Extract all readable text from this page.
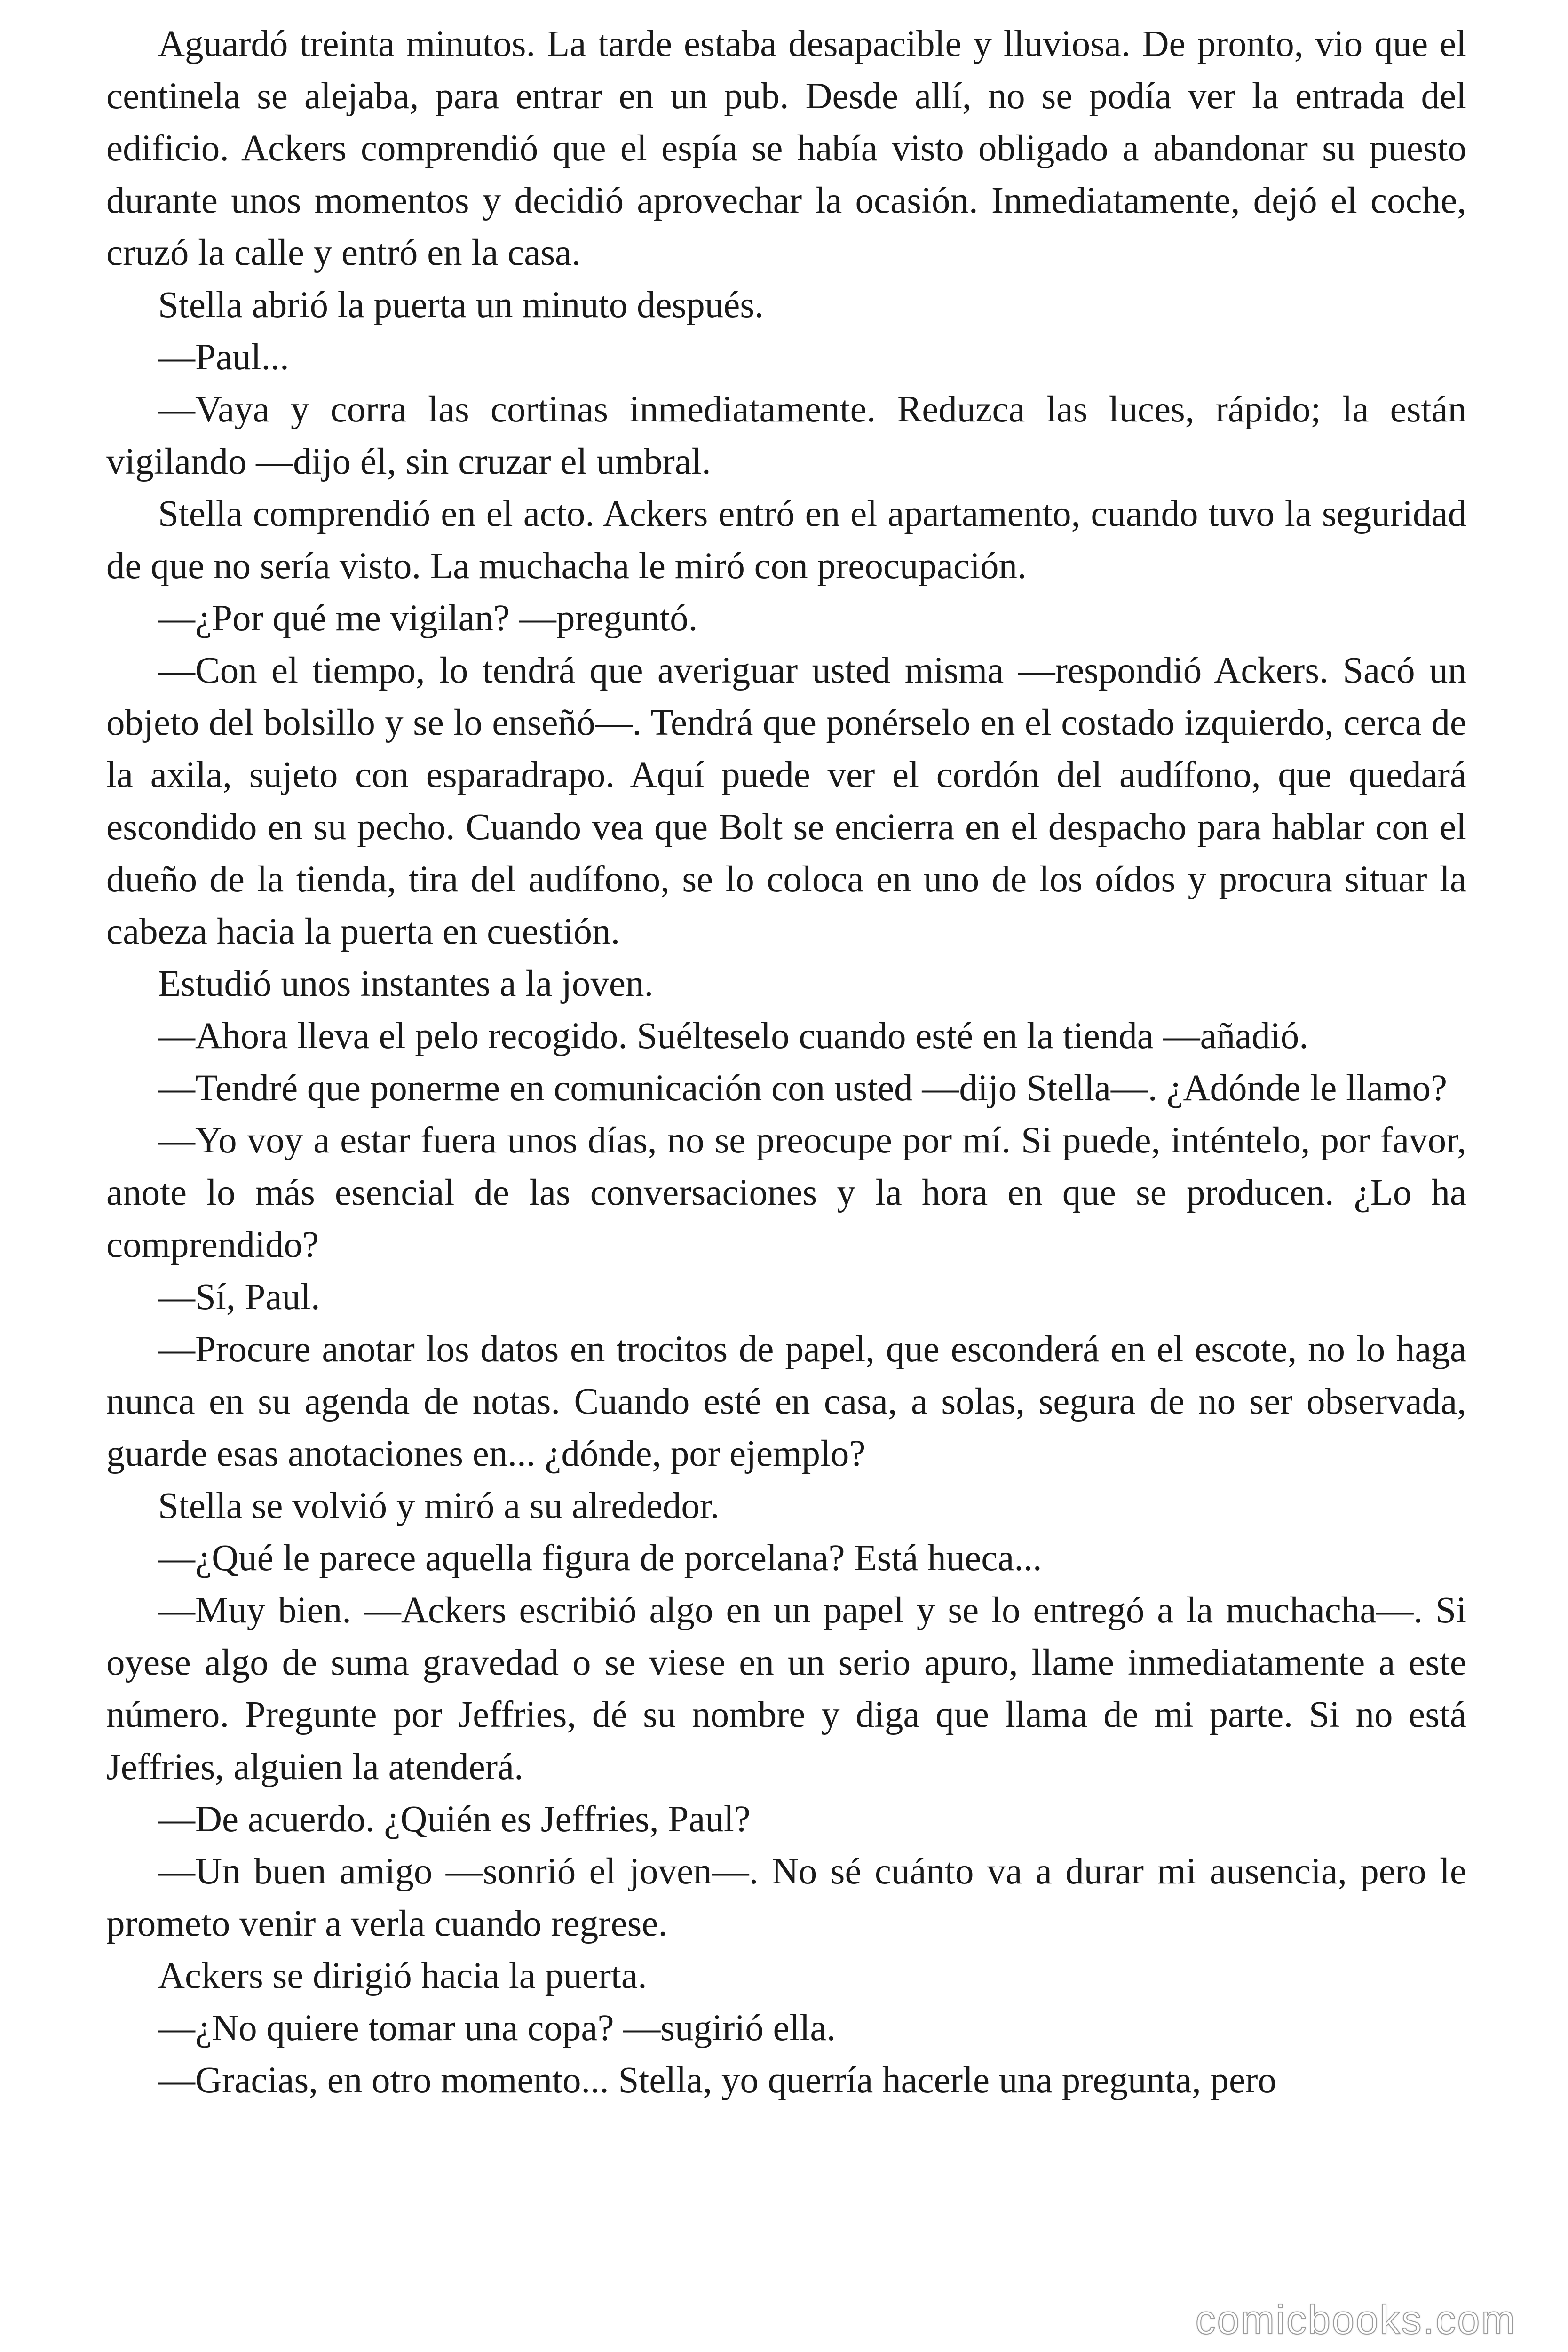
Aguardó treinta minutos. La tarde estaba desapacible y lluviosa. De pronto, vio que el centinela se alejaba, para entrar en un pub. Desde allí, no se podía ver la entrada del edificio. Ackers comprendió que el espía se había visto obligado a abandonar su puesto durante unos momentos y decidió aprovechar la ocasión. Inmediatamente, dejó el coche, cruzó la calle y entró en la casa.

Stella abrió la puerta un minuto después.

—Paul...

—Vaya y corra las cortinas inmediatamente. Reduzca las luces, rápido; la están vigilando —dijo él, sin cruzar el umbral.

Stella comprendió en el acto. Ackers entró en el apartamento, cuando tuvo la seguridad de que no sería visto. La muchacha le miró con preocupación.

—¿Por qué me vigilan? —preguntó.

—Con el tiempo, lo tendrá que averiguar usted misma —respondió Ackers. Sacó un objeto del bolsillo y se lo enseñó—. Tendrá que ponérselo en el costado izquierdo, cerca de la axila, sujeto con esparadrapo. Aquí puede ver el cordón del audífono, que quedará escondido en su pecho. Cuando vea que Bolt se encierra en el despacho para hablar con el dueño de la tienda, tira del audífono, se lo coloca en uno de los oídos y procura situar la cabeza hacia la puerta en cuestión.

Estudió unos instantes a la joven.

—Ahora lleva el pelo recogido. Suélteselo cuando esté en la tienda —añadió.

—Tendré que ponerme en comunicación con usted —dijo Stella—. ¿Adónde le llamo?

—Yo voy a estar fuera unos días, no se preocupe por mí. Si puede, inténtelo, por favor, anote lo más esencial de las conversaciones y la hora en que se producen. ¿Lo ha comprendido?

—Sí, Paul.

—Procure anotar los datos en trocitos de papel, que esconderá en el escote, no lo haga nunca en su agenda de notas. Cuando esté en casa, a solas, segura de no ser observada, guarde esas anotaciones en... ¿dónde, por ejemplo?

Stella se volvió y miró a su alrededor.

—¿Qué le parece aquella figura de porcelana? Está hueca...

—Muy bien. —Ackers escribió algo en un papel y se lo entregó a la muchacha—. Si oyese algo de suma gravedad o se viese en un serio apuro, llame inmediatamente a este número. Pregunte por Jeffries, dé su nombre y diga que llama de mi parte. Si no está Jeffries, alguien la atenderá.

—De acuerdo. ¿Quién es Jeffries, Paul?

—Un buen amigo —sonrió el joven—. No sé cuánto va a durar mi ausencia, pero le prometo venir a verla cuando regrese.

Ackers se dirigió hacia la puerta.

—¿No quiere tomar una copa? —sugirió ella.

—Gracias, en otro momento... Stella, yo querría hacerle una pregunta, pero

comicbooks.com
